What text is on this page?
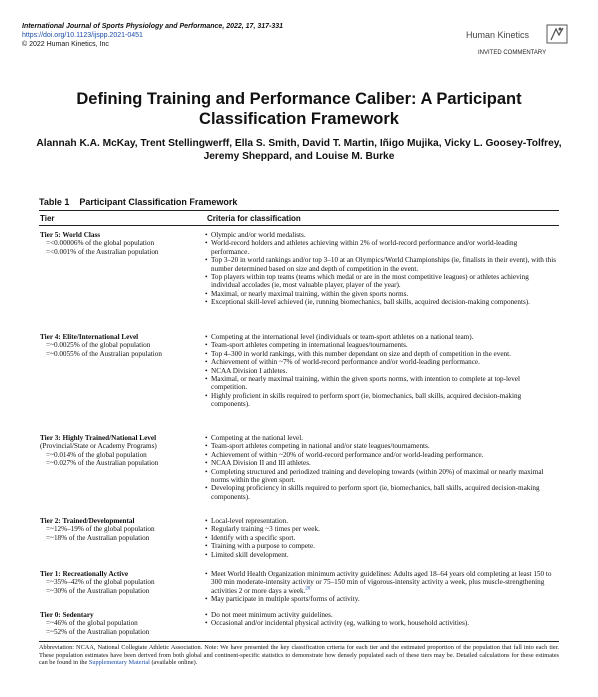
International Journal of Sports Physiology and Performance, 2022, 17, 317-331
https://doi.org/10.1123/ijspp.2021-0451
© 2022 Human Kinetics, Inc
Human Kinetics
INVITED COMMENTARY
Defining Training and Performance Caliber: A Participant Classification Framework
Alannah K.A. McKay, Trent Stellingwerff, Ella S. Smith, David T. Martin, Iñigo Mujika, Vicky L. Goosey-Tolfrey, Jeremy Sheppard, and Louise M. Burke
Table 1 Participant Classification Framework
Tier	Criteria for classification
Tier 5: World Class
=<0.00006% of the global population
=<0.001% of the Australian population
• Olympic and/or world medalists.
• World-record holders and athletes achieving within 2% of world-record performance and/or world-leading performance.
• Top 3–20 in world rankings and/or top 3–10 at an Olympics/World Championships (ie, finalists in their event), with this number determined based on size and depth of competition in the event.
• Top players within top teams (teams which medal or are in the most competitive leagues) or athletes achieving individual accolades (ie, most valuable player, player of the year).
• Maximal, or nearly maximal training, within the given sports norms.
• Exceptional skill-level achieved (ie, running biomechanics, ball skills, acquired decision-making components).
Tier 4: Elite/International Level
=~0.0025% of the global population
=~0.0055% of the Australian population
• Competing at the international level (individuals or team-sport athletes on a national team).
• Team-sport athletes competing in international leagues/tournaments.
• Top 4–300 in world rankings, with this number dependant on size and depth of competition in the event.
• Achievement of within ~7% of world-record performance and/or world-leading performance.
• NCAA Division I athletes.
• Maximal, or nearly maximal training, within the given sports norms, with intention to complete at top-level competition.
• Highly proficient in skills required to perform sport (ie, biomechanics, ball skills, acquired decision-making components).
Tier 3: Highly Trained/National Level
(Provincial/State or Academy Programs)
=~0.014% of the global population
=~0.027% of the Australian population
• Competing at the national level.
• Team-sport athletes competing in national and/or state leagues/tournaments.
• Achievement of within ~20% of world-record performance and/or world-leading performance.
• NCAA Division II and III athletes.
• Completing structured and periodized training and developing towards (within 20%) of maximal or nearly maximal norms within the given sport.
• Developing proficiency in skills required to perform sport (ie, biomechanics, ball skills, acquired decision-making components).
Tier 2: Trained/Developmental
=~12%–19% of the global population
=~18% of the Australian population
• Local-level representation.
• Regularly training ~3 times per week.
• Identify with a specific sport.
• Training with a purpose to compete.
• Limited skill development.
Tier 1: Recreationally Active
=~35%–42% of the global population
=~30% of the Australian population
• Meet World Health Organization minimum activity guidelines: Adults aged 18–64 years old completing at least 150 to 300 min moderate-intensity activity or 75–150 min of vigorous-intensity activity a week, plus muscle-strengthening activities 2 or more days a week.$^{20}$
• May participate in multiple sports/forms of activity.
Tier 0: Sedentary
=~46% of the global population
=~52% of the Australian population
• Do not meet minimum activity guidelines.
• Occasional and/or incidental physical activity (eg, walking to work, household activities).
Abbreviation: NCAA, National Collegiate Athletic Association. Note: We have presented the key classification criteria for each tier and the estimated proportion of the population that fall into each tier. These population estimates have been derived from both global and continent-specific statistics to demonstrate how densely populated each of these tiers may be. Detailed calculations for these estimates can be found in the Supplementary Material (available online).
